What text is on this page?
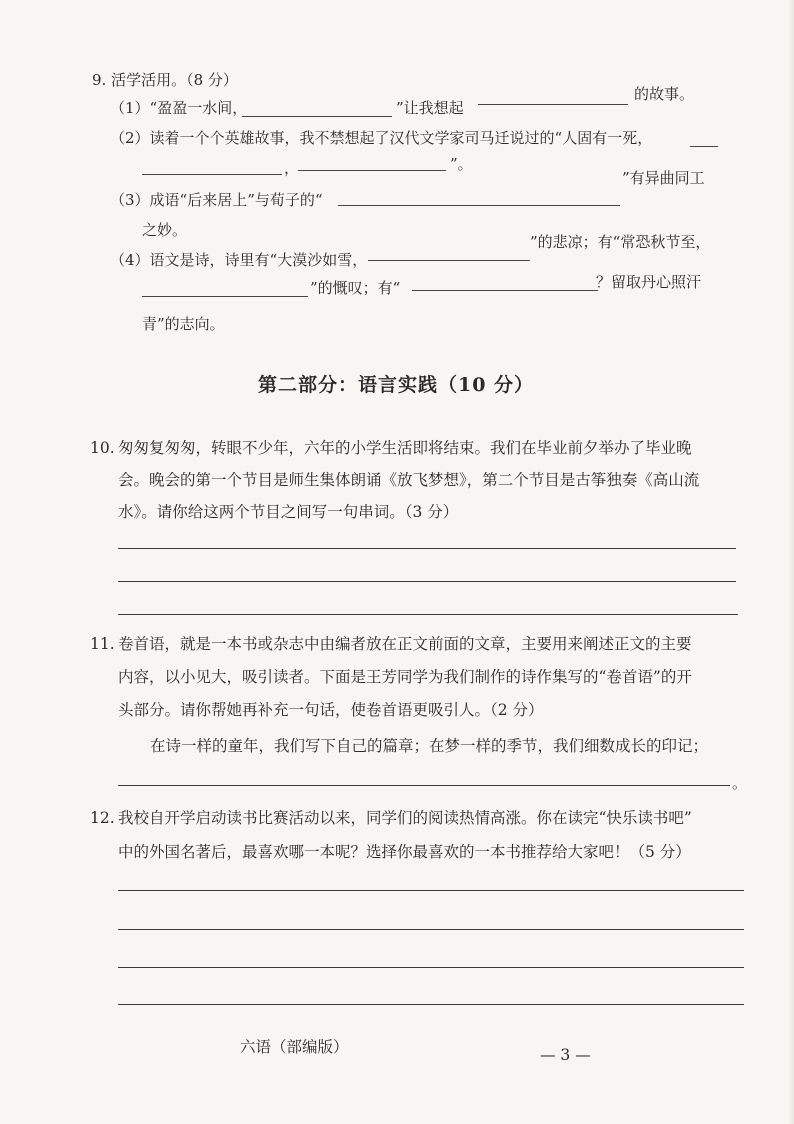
9. 活学活用。（8 分）
（1）“盈盈一水间，	”让我想起
的故事。
（2）读着一个个英雄故事，我不禁想起了汉代文学家司马迁说过的“人固有一死，
，	”。
（3）成语“后来居上”与荀子的“
”有异曲同工
之妙。
（4）语文是诗，诗里有“大漠沙如雪，
”的悲凉；有“常恐秋节至，
”的慨叹；有“	？留取丹心照汗
青”的志向。
第二部分：语言实践（10 分）
10. 匆匆复匆匆，转眼不少年，六年的小学生活即将结束。我们在毕业前夕举办了毕业晚
会。晚会的第一个节目是师生集体朗诵《放飞梦想》，第二个节目是古筝独奏《高山流
水》。请你给这两个节目之间写一句串词。（3 分）
11. 卷首语，就是一本书或杂志中由编者放在正文前面的文章，主要用来阐述正文的主要
内容，以小见大，吸引读者。下面是王芳同学为我们制作的诗作集写的“卷首语”的开
头部分。请你帮她再补充一句话，使卷首语更吸引人。（2 分）
在诗一样的童年，我们写下自己的篇章；在梦一样的季节，我们细数成长的印记；
。
12. 我校自开学启动读书比赛活动以来，同学们的阅读热情高涨。你在读完“快乐读书吧”
中的外国名著后，最喜欢哪一本呢？选择你最喜欢的一本书推荐给大家吧！（5 分）
六语（部编版）	— 3 —
